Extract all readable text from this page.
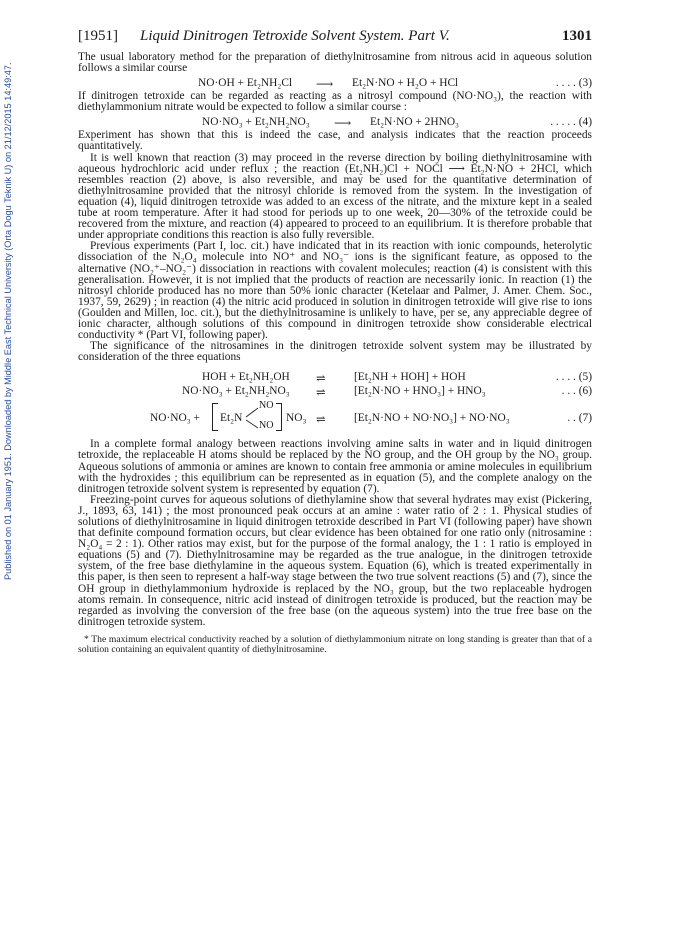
Published on 01 January 1951. Downloaded by Middle East Technical University (Orta Dogu Teknik U) on 21/12/2015 14:49:47.
[1951] Liquid Dinitrogen Tetroxide Solvent System. Part V.	1301

The usual laboratory method for the preparation of diethylnitrosamine from nitrous acid in aqueous solution follows a similar course

NO·OH + Et₂NH₂Cl ⟶ Et₂N·NO + H₂O + HCl	. . . . (3)

If dinitrogen tetroxide can be regarded as reacting as a nitrosyl compound (NO·NO₃), the reaction with diethylammonium nitrate would be expected to follow a similar course :

NO·NO₃ + Et₂NH₂NO₃ ⟶ Et₂N·NO + 2HNO₃	. . . . . (4)

Experiment has shown that this is indeed the case, and analysis indicates that the reaction proceeds quantitatively.

It is well known that reaction (3) may proceed in the reverse direction by boiling diethylnitrosamine with aqueous hydrochloric acid under reflux ; the reaction (Et₂NH₂)Cl + NOCl ⟶ Et₂N·NO + 2HCl, which resembles reaction (2) above, is also reversible, and may be used for the quantitative determination of diethylnitrosamine provided that the nitrosyl chloride is removed from the system. In the investigation of equation (4), liquid dinitrogen tetroxide was added to an excess of the nitrate, and the mixture kept in a sealed tube at room temperature. After it had stood for periods up to one week, 20—30% of the tetroxide could be recovered from the mixture, and reaction (4) appeared to proceed to an equilibrium. It is therefore probable that under appropriate conditions this reaction is also fully reversible.

Previous experiments (Part I, loc. cit.) have indicated that in its reaction with ionic compounds, heterolytic dissociation of the N₂O₄ molecule into NO⁺ and NO₃⁻ ions is the significant feature, as opposed to the alternative (NO₂⁺–NO₂⁻) dissociation in reactions with covalent molecules; reaction (4) is consistent with this generalisation. However, it is not implied that the products of reaction are necessarily ionic. In reaction (1) the nitrosyl chloride produced has no more than 50% ionic character (Ketelaar and Palmer, J. Amer. Chem. Soc., 1937, 59, 2629) ; in reaction (4) the nitric acid produced in solution in dinitrogen tetroxide will give rise to ions (Goulden and Millen, loc. cit.), but the diethylnitrosamine is unlikely to have, per se, any appreciable degree of ionic character, although solutions of this compound in dinitrogen tetroxide show considerable electrical conductivity * (Part VI, following paper).

The significance of the nitrosamines in the dinitrogen tetroxide solvent system may be illustrated by consideration of the three equations

HOH + Et₂NH₂OH ⇌ [Et₂NH + HOH] + HOH	. . . . (5)
NO·NO₃ + Et₂NH₂NO₃ ⇌ [Et₂N·NO + HNO₃] + HNO₃	. . . (6)
NO·NO₃ + Et₂N
NO
NO
NO₃ ⇌ [Et₂N·NO + NO·NO₃] + NO·NO₃	. . (7)

In a complete formal analogy between reactions involving amine salts in water and in liquid dinitrogen tetroxide, the replaceable H atoms should be replaced by the NO group, and the OH group by the NO₃ group. Aqueous solutions of ammonia or amines are known to contain free ammonia or amine molecules in equilibrium with the hydroxides ; this equilibrium can be represented as in equation (5), and the complete analogy on the dinitrogen tetroxide solvent system is represented by equation (7).

Freezing-point curves for aqueous solutions of diethylamine show that several hydrates may exist (Pickering, J., 1893, 63, 141) ; the most pronounced peak occurs at an amine : water ratio of 2 : 1. Physical studies of solutions of diethylnitrosamine in liquid dinitrogen tetroxide described in Part VI (following paper) have shown that definite compound formation occurs, but clear evidence has been obtained for one ratio only (nitrosamine : N₂O₄ = 2 : 1). Other ratios may exist, but for the purpose of the formal analogy, the 1 : 1 ratio is employed in equations (5) and (7). Diethylnitrosamine may be regarded as the true analogue, in the dinitrogen tetroxide system, of the free base diethylamine in the aqueous system. Equation (6), which is treated experimentally in this paper, is then seen to represent a half-way stage between the two true solvent reactions (5) and (7), since the OH group in diethylammonium hydroxide is replaced by the NO₃ group, but the two replaceable hydrogen atoms remain. In consequence, nitric acid instead of dinitrogen tetroxide is produced, but the reaction may be regarded as involving the conversion of the free base (on the aqueous system) into the true free base on the dinitrogen tetroxide system.

* The maximum electrical conductivity reached by a solution of diethylammonium nitrate on long standing is greater than that of a solution containing an equivalent quantity of diethylnitrosamine.
